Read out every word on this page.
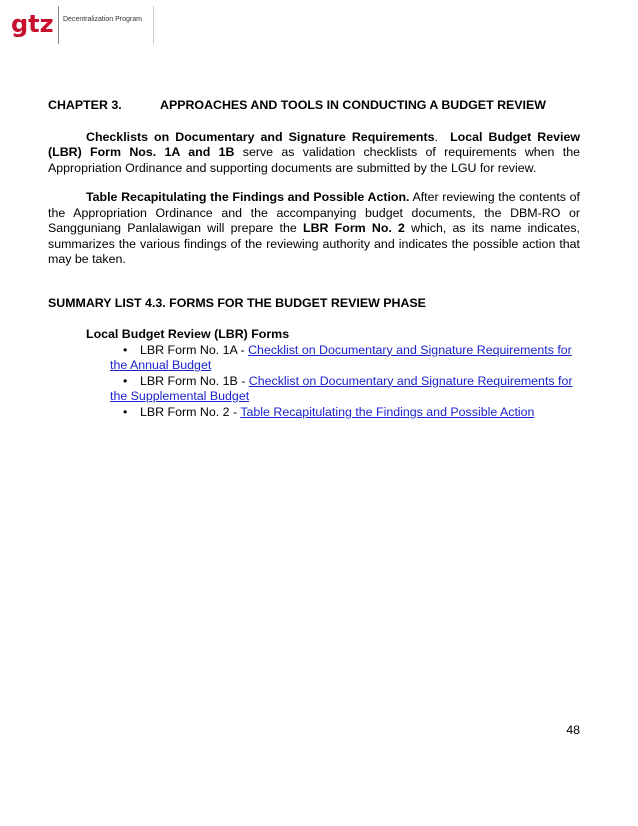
gtz Decentralization Program
CHAPTER 3.	APPROACHES AND TOOLS IN CONDUCTING A BUDGET REVIEW

Checklists on Documentary and Signature Requirements. Local Budget Review (LBR) Form Nos. 1A and 1B serve as validation checklists of requirements when the Appropriation Ordinance and supporting documents are submitted by the LGU for review.

Table Recapitulating the Findings and Possible Action. After reviewing the contents of the Appropriation Ordinance and the accompanying budget documents, the DBM-RO or Sangguniang Panlalawigan will prepare the LBR Form No. 2 which, as its name indicates, summarizes the various findings of the reviewing authority and indicates the possible action that may be taken.

SUMMARY LIST 4.3. FORMS FOR THE BUDGET REVIEW PHASE
Local Budget Review (LBR) Forms
• LBR Form No. 1A - Checklist on Documentary and Signature Requirements for the Annual Budget
• LBR Form No. 1B - Checklist on Documentary and Signature Requirements for the Supplemental Budget
• LBR Form No. 2 - Table Recapitulating the Findings and Possible Action
48
